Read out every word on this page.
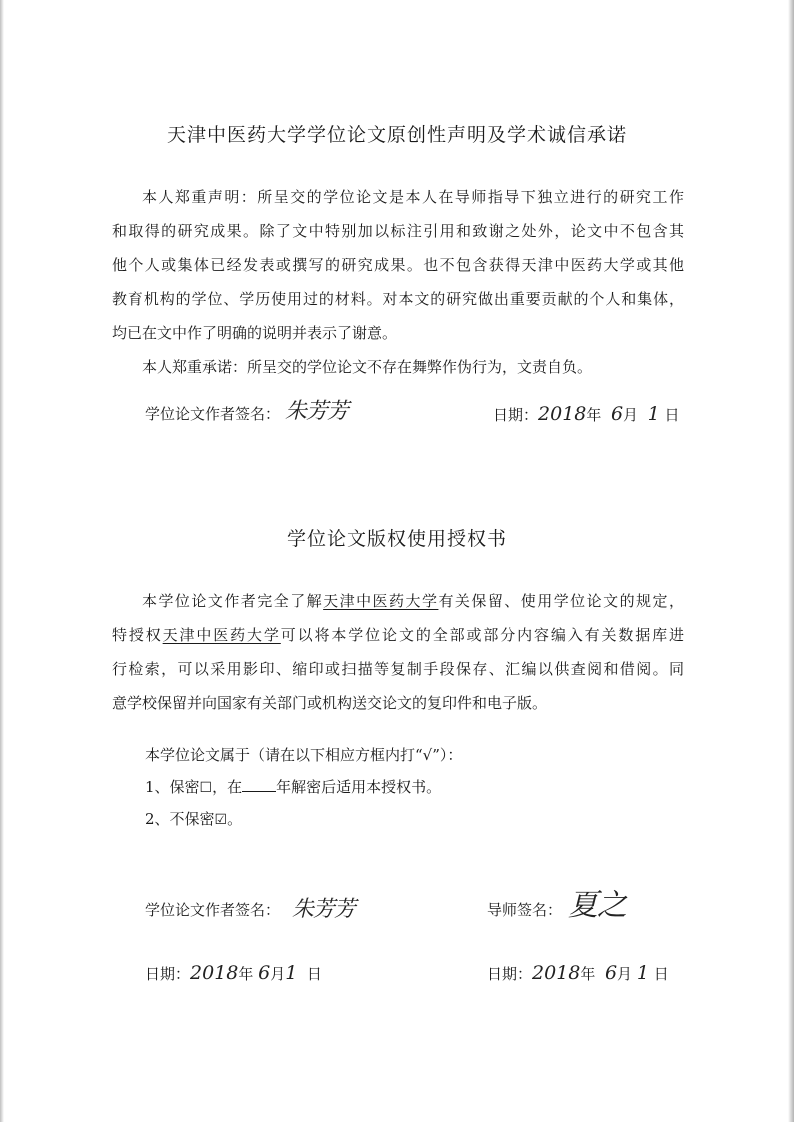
天津中医药大学学位论文原创性声明及学术诚信承诺
本人郑重声明：所呈交的学位论文是本人在导师指导下独立进行的研究工作
和取得的研究成果。除了文中特别加以标注引用和致谢之处外，论文中不包含其
他个人或集体已经发表或撰写的研究成果。也不包含获得天津中医药大学或其他
教育机构的学位、学历使用过的材料。对本文的研究做出重要贡献的个人和集体，
均已在文中作了明确的说明并表示了谢意。
本人郑重承诺：所呈交的学位论文不存在舞弊作伪行为，文责自负。
学位论文作者签名： 朱芳芳	日期：2018年 6月 1 日
学位论文版权使用授权书
本学位论文作者完全了解天津中医药大学有关保留、使用学位论文的规定，
特授权天津中医药大学可以将本学位论文的全部或部分内容编入有关数据库进
行检索，可以采用影印、缩印或扫描等复制手段保存、汇编以供查阅和借阅。同
意学校保留并向国家有关部门或机构送交论文的复印件和电子版。
本学位论文属于（请在以下相应方框内打“√”）：
1、保密☐，在 年解密后适用本授权书。
2、不保密☑。
学位论文作者签名： 朱芳芳	导师签名： 夏之
日期：2018年 6月1 日	日期：2018年 6月 1 日
